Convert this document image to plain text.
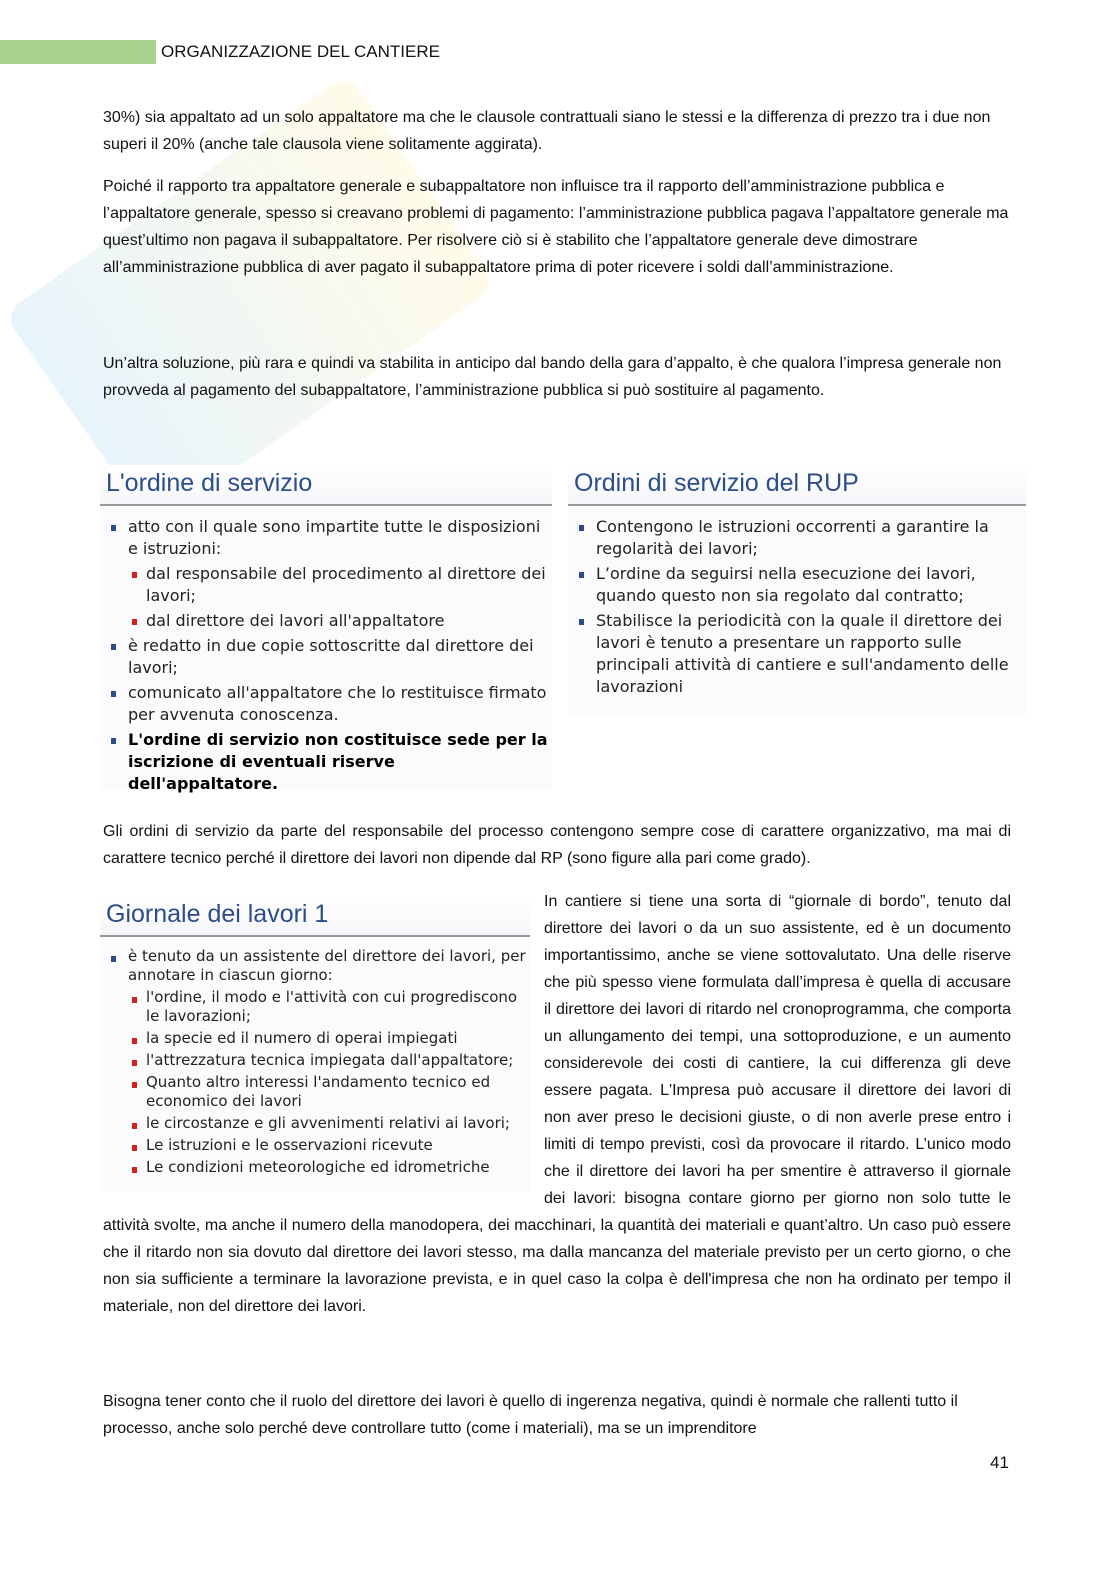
ORGANIZZAZIONE DEL CANTIERE
30%) sia appaltato ad un solo appaltatore ma che le clausole contrattuali siano le stessi e la differenza di prezzo tra i due non superi il 20% (anche tale clausola viene solitamente aggirata).
Poiché il rapporto tra appaltatore generale e subappaltatore non influisce tra il rapporto dell’amministrazione pubblica e l’appaltatore generale, spesso si creavano problemi di pagamento: l’amministrazione pubblica pagava l’appaltatore generale ma quest’ultimo non pagava il subappaltatore. Per risolvere ciò si è stabilito che l’appaltatore generale deve dimostrare all’amministrazione pubblica di aver pagato il subappaltatore prima di poter ricevere i soldi dall’amministrazione.
Un’altra soluzione, più rara e quindi va stabilita in anticipo dal bando della gara d’appalto, è che qualora l’impresa generale non provveda al pagamento del subappaltatore, l’amministrazione pubblica si può sostituire al pagamento.
L'ordine di servizio
atto con il quale sono impartite tutte le disposizioni e istruzioni:
dal responsabile del procedimento al direttore dei lavori;
dal direttore dei lavori all'appaltatore
è redatto in due copie sottoscritte dal direttore dei lavori;
comunicato all'appaltatore che lo restituisce firmato per avvenuta conoscenza.
L'ordine di servizio non costituisce sede per la iscrizione di eventuali riserve dell'appaltatore.
Ordini di servizio del RUP
Contengono le istruzioni occorrenti a garantire la regolarità dei lavori;
L’ordine da seguirsi nella esecuzione dei lavori, quando questo non sia regolato dal contratto;
Stabilisce la periodicità con la quale il direttore dei lavori è tenuto a presentare un rapporto sulle principali attività di cantiere e sull'andamento delle lavorazioni
Gli ordini di servizio da parte del responsabile del processo contengono sempre cose di carattere organizzativo, ma mai di carattere tecnico perché il direttore dei lavori non dipende dal RP (sono figure alla pari come grado).
In cantiere si tiene una sorta di “giornale di bordo”, tenuto dal direttore dei lavori o da un suo assistente, ed è un documento importantissimo, anche se viene sottovalutato. Una delle riserve che più spesso viene formulata dall’impresa è quella di accusare il direttore dei lavori di ritardo nel cronoprogramma, che comporta un allungamento dei tempi, una sottoproduzione, e un aumento considerevole dei costi di cantiere, la cui differenza gli deve essere pagata. L'Impresa può accusare il direttore dei lavori di non aver preso le decisioni giuste, o di non averle prese entro i limiti di tempo previsti, così da provocare il ritardo. L’unico modo che il direttore dei lavori ha per smentire è attraverso il giornale dei lavori: bisogna contare giorno per giorno non solo tutte le attività svolte, ma anche il numero della manodopera, dei macchinari, la quantità dei materiali e quant’altro. Un caso può essere che il ritardo non sia dovuto dal direttore dei lavori stesso, ma dalla mancanza del materiale previsto per un certo giorno, o che non sia sufficiente a terminare la lavorazione prevista, e in quel caso la colpa è dell'impresa che non ha ordinato per tempo il materiale, non del direttore dei lavori.
Giornale dei lavori 1
è tenuto da un assistente del direttore dei lavori, per annotare in ciascun giorno:
l'ordine, il modo e l'attività con cui progrediscono le lavorazioni;
la specie ed il numero di operai impiegati
l'attrezzatura tecnica impiegata dall'appaltatore;
Quanto altro interessi l'andamento tecnico ed economico dei lavori
le circostanze e gli avvenimenti relativi ai lavori;
Le istruzioni e le osservazioni ricevute
Le condizioni meteorologiche ed idrometriche
Bisogna tener conto che il ruolo del direttore dei lavori è quello di ingerenza negativa, quindi è normale che rallenti tutto il processo, anche solo perché deve controllare tutto (come i materiali), ma se un imprenditore
41
